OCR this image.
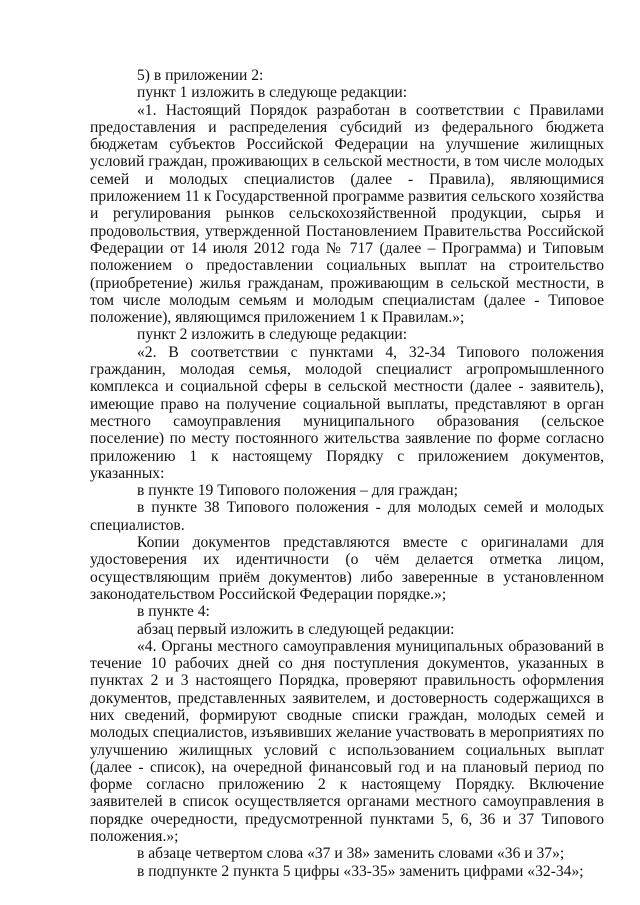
5) в приложении 2:

пункт 1 изложить в следующе редакции:

«1. Настоящий Порядок разработан в соответствии с Правилами предоставления и распределения субсидий из федерального бюджета бюджетам субъектов Российской Федерации на улучшение жилищных условий граждан, проживающих в сельской местности, в том числе молодых семей и молодых специалистов (далее - Правила), являющимися приложением 11 к Государственной программе развития сельского хозяйства и регулирования рынков сельскохозяйственной продукции, сырья и продовольствия, утвержденной Постановлением Правительства Российской Федерации от 14 июля 2012 года № 717 (далее – Программа) и Типовым положением о предоставлении социальных выплат на строительство (приобретение) жилья гражданам, проживающим в сельской местности, в том числе молодым семьям и молодым специалистам (далее - Типовое положение), являющимся приложением 1 к Правилам.»;

пункт 2 изложить в следующе редакции:

«2. В соответствии с пунктами 4, 32-34 Типового положения гражданин, молодая семья, молодой специалист агропромышленного комплекса и социальной сферы в сельской местности (далее - заявитель), имеющие право на получение социальной выплаты, представляют в орган местного самоуправления муниципального образования (сельское поселение) по месту постоянного жительства заявление по форме согласно приложению 1 к настоящему Порядку с приложением документов, указанных:

в пункте 19 Типового положения – для граждан;

в пункте 38 Типового положения - для молодых семей и молодых специалистов.

Копии документов представляются вместе с оригиналами для удостоверения их идентичности (о чём делается отметка лицом, осуществляющим приём документов) либо заверенные в установленном законодательством Российской Федерации порядке.»;

в пункте 4:

абзац первый изложить в следующей редакции:

«4. Органы местного самоуправления муниципальных образований в течение 10 рабочих дней со дня поступления документов, указанных в пунктах 2 и 3 настоящего Порядка, проверяют правильность оформления документов, представленных заявителем, и достоверность содержащихся в них сведений, формируют сводные списки граждан, молодых семей и молодых специалистов, изъявивших желание участвовать в мероприятиях по улучшению жилищных условий с использованием социальных выплат (далее - список), на очередной финансовый год и на плановый период по форме согласно приложению 2 к настоящему Порядку. Включение заявителей в список осуществляется органами местного самоуправления в порядке очередности, предусмотренной пунктами 5, 6, 36 и 37 Типового положения.»;

в абзаце четвертом слова «37 и 38» заменить словами «36 и 37»;

в подпункте 2 пункта 5 цифры «33-35» заменить цифрами «32-34»;
